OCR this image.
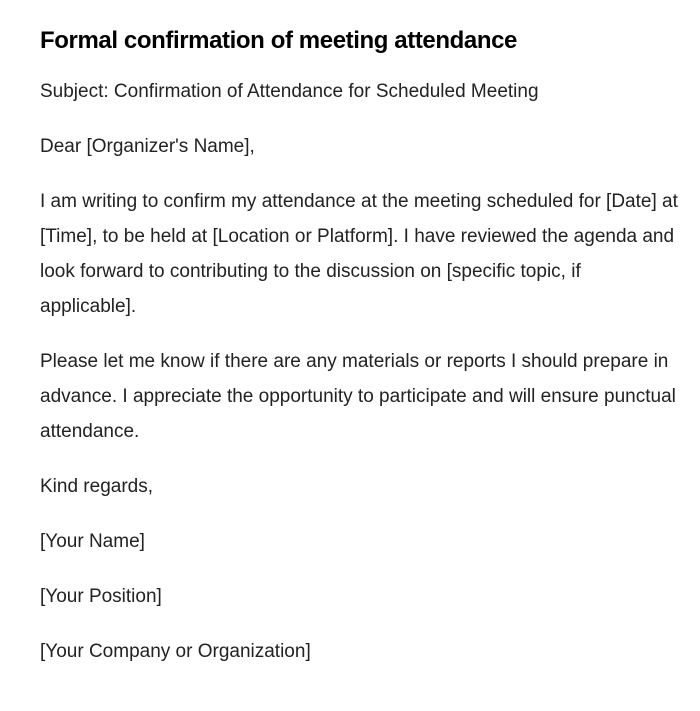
Formal confirmation of meeting attendance

Subject: Confirmation of Attendance for Scheduled Meeting

Dear [Organizer's Name],

I am writing to confirm my attendance at the meeting scheduled for [Date] at [Time], to be held at [Location or Platform]. I have reviewed the agenda and look forward to contributing to the discussion on [specific topic, if applicable].

Please let me know if there are any materials or reports I should prepare in advance. I appreciate the opportunity to participate and will ensure punctual attendance.

Kind regards,

[Your Name]

[Your Position]

[Your Company or Organization]
